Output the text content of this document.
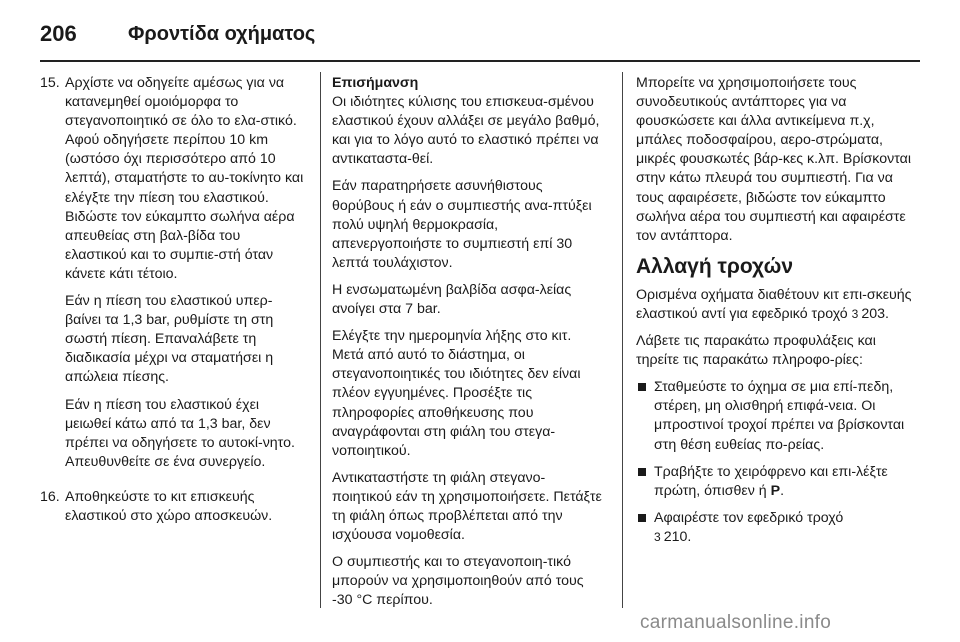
206	Φροντίδα οχήματος
15. Αρχίστε να οδηγείτε αμέσως για να κατανεμηθεί ομοιόμορφα το στεγανοποιητικό σε όλο το ελα-στικό. Αφού οδηγήσετε περίπου 10 km (ωστόσο όχι περισσότερο από 10 λεπτά), σταματήστε το αυ-τοκίνητο και ελέγξτε την πίεση του ελαστικού. Βιδώστε τον εύκαμπτο σωλήνα αέρα απευθείας στη βαλ-βίδα του ελαστικού και το συμπιε-στή όταν κάνετε κάτι τέτοιο.

Εάν η πίεση του ελαστικού υπερ-βαίνει τα 1,3 bar, ρυθμίστε τη στη σωστή πίεση. Επαναλάβετε τη διαδικασία μέχρι να σταματήσει η απώλεια πίεσης.

Εάν η πίεση του ελαστικού έχει μειωθεί κάτω από τα 1,3 bar, δεν πρέπει να οδηγήσετε το αυτοκί-νητο. Απευθυνθείτε σε ένα συνεργείο.

16. Αποθηκεύστε το κιτ επισκευής ελαστικού στο χώρο αποσκευών.

Επισήμανση

Οι ιδιότητες κύλισης του επισκευα-σμένου ελαστικού έχουν αλλάξει σε μεγάλο βαθμό, και για το λόγο αυτό το ελαστικό πρέπει να αντικαταστα-θεί.

Εάν παρατηρήσετε ασυνήθιστους θορύβους ή εάν ο συμπιεστής ανα-πτύξει πολύ υψηλή θερμοκρασία, απενεργοποιήστε το συμπιεστή επί 30 λεπτά τουλάχιστον.

Η ενσωματωμένη βαλβίδα ασφα-λείας ανοίγει στα 7 bar.

Ελέγξτε την ημερομηνία λήξης στο κιτ. Μετά από αυτό το διάστημα, οι στεγανοποιητικές του ιδιότητες δεν είναι πλέον εγγυημένες. Προσέξτε τις πληροφορίες αποθήκευσης που αναγράφονται στη φιάλη του στεγα-νοποιητικού.

Αντικαταστήστε τη φιάλη στεγανο-ποιητικού εάν τη χρησιμοποιήσετε. Πετάξτε τη φιάλη όπως προβλέπεται από την ισχύουσα νομοθεσία.

Ο συμπιεστής και το στεγανοποιη-τικό μπορούν να χρησιμοποιηθούν από τους -30 °C περίπου.

Μπορείτε να χρησιμοποιήσετε τους συνοδευτικούς αντάπτορες για να φουσκώσετε και άλλα αντικείμενα π.χ, μπάλες ποδοσφαίρου, αερο-στρώματα, μικρές φουσκωτές βάρ-κες κ.λπ. Βρίσκονται στην κάτω πλευρά του συμπιεστή. Για να τους αφαιρέσετε, βιδώστε τον εύκαμπτο σωλήνα αέρα του συμπιεστή και αφαιρέστε τον αντάπτορα.

Αλλαγή τροχών

Ορισμένα οχήματα διαθέτουν κιτ επι-σκευής ελαστικού αντί για εφεδρικό τροχό 3 203.

Λάβετε τις παρακάτω προφυλάξεις και τηρείτε τις παρακάτω πληροφο-ρίες:

Σταθμεύστε το όχημα σε μια επί-πεδη, στέρεη, μη ολισθηρή επιφά-νεια. Οι μπροστινοί τροχοί πρέπει να βρίσκονται στη θέση ευθείας πο-ρείας.
Τραβήξτε το χειρόφρενο και επι-λέξτε πρώτη, όπισθεν ή P.
Αφαιρέστε τον εφεδρικό τροχό
3 210.
carmanualsonline.info
